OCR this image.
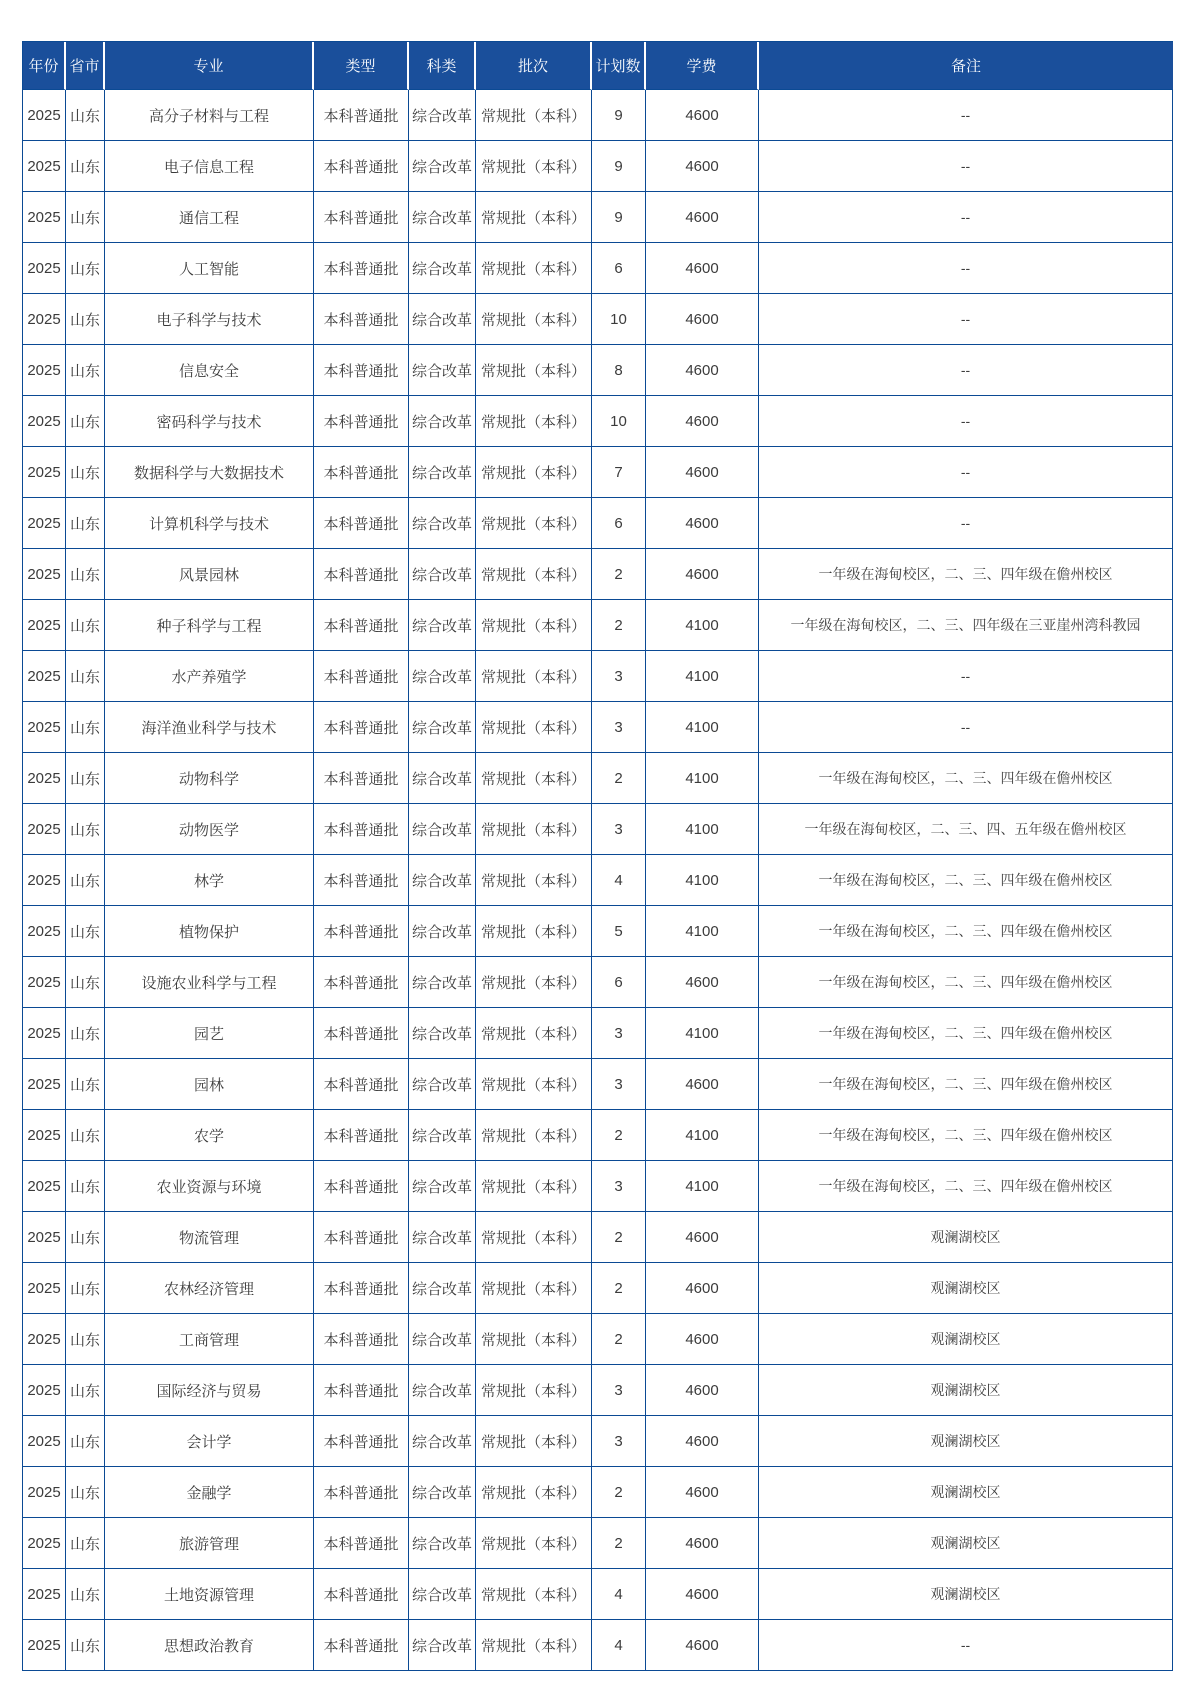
年份	省市	专业	类型	科类	批次	计划数	学费	备注
2025	山东	高分子材料与工程	本科普通批	综合改革	常规批（本科）	9	4600	--
2025	山东	电子信息工程	本科普通批	综合改革	常规批（本科）	9	4600	--
2025	山东	通信工程	本科普通批	综合改革	常规批（本科）	9	4600	--
2025	山东	人工智能	本科普通批	综合改革	常规批（本科）	6	4600	--
2025	山东	电子科学与技术	本科普通批	综合改革	常规批（本科）	10	4600	--
2025	山东	信息安全	本科普通批	综合改革	常规批（本科）	8	4600	--
2025	山东	密码科学与技术	本科普通批	综合改革	常规批（本科）	10	4600	--
2025	山东	数据科学与大数据技术	本科普通批	综合改革	常规批（本科）	7	4600	--
2025	山东	计算机科学与技术	本科普通批	综合改革	常规批（本科）	6	4600	--
2025	山东	风景园林	本科普通批	综合改革	常规批（本科）	2	4600	一年级在海甸校区，二、三、四年级在儋州校区
2025	山东	种子科学与工程	本科普通批	综合改革	常规批（本科）	2	4100	一年级在海甸校区，二、三、四年级在三亚崖州湾科教园
2025	山东	水产养殖学	本科普通批	综合改革	常规批（本科）	3	4100	--
2025	山东	海洋渔业科学与技术	本科普通批	综合改革	常规批（本科）	3	4100	--
2025	山东	动物科学	本科普通批	综合改革	常规批（本科）	2	4100	一年级在海甸校区，二、三、四年级在儋州校区
2025	山东	动物医学	本科普通批	综合改革	常规批（本科）	3	4100	一年级在海甸校区，二、三、四、五年级在儋州校区
2025	山东	林学	本科普通批	综合改革	常规批（本科）	4	4100	一年级在海甸校区，二、三、四年级在儋州校区
2025	山东	植物保护	本科普通批	综合改革	常规批（本科）	5	4100	一年级在海甸校区，二、三、四年级在儋州校区
2025	山东	设施农业科学与工程	本科普通批	综合改革	常规批（本科）	6	4600	一年级在海甸校区，二、三、四年级在儋州校区
2025	山东	园艺	本科普通批	综合改革	常规批（本科）	3	4100	一年级在海甸校区，二、三、四年级在儋州校区
2025	山东	园林	本科普通批	综合改革	常规批（本科）	3	4600	一年级在海甸校区，二、三、四年级在儋州校区
2025	山东	农学	本科普通批	综合改革	常规批（本科）	2	4100	一年级在海甸校区，二、三、四年级在儋州校区
2025	山东	农业资源与环境	本科普通批	综合改革	常规批（本科）	3	4100	一年级在海甸校区，二、三、四年级在儋州校区
2025	山东	物流管理	本科普通批	综合改革	常规批（本科）	2	4600	观澜湖校区
2025	山东	农林经济管理	本科普通批	综合改革	常规批（本科）	2	4600	观澜湖校区
2025	山东	工商管理	本科普通批	综合改革	常规批（本科）	2	4600	观澜湖校区
2025	山东	国际经济与贸易	本科普通批	综合改革	常规批（本科）	3	4600	观澜湖校区
2025	山东	会计学	本科普通批	综合改革	常规批（本科）	3	4600	观澜湖校区
2025	山东	金融学	本科普通批	综合改革	常规批（本科）	2	4600	观澜湖校区
2025	山东	旅游管理	本科普通批	综合改革	常规批（本科）	2	4600	观澜湖校区
2025	山东	土地资源管理	本科普通批	综合改革	常规批（本科）	4	4600	观澜湖校区
2025	山东	思想政治教育	本科普通批	综合改革	常规批（本科）	4	4600	--
